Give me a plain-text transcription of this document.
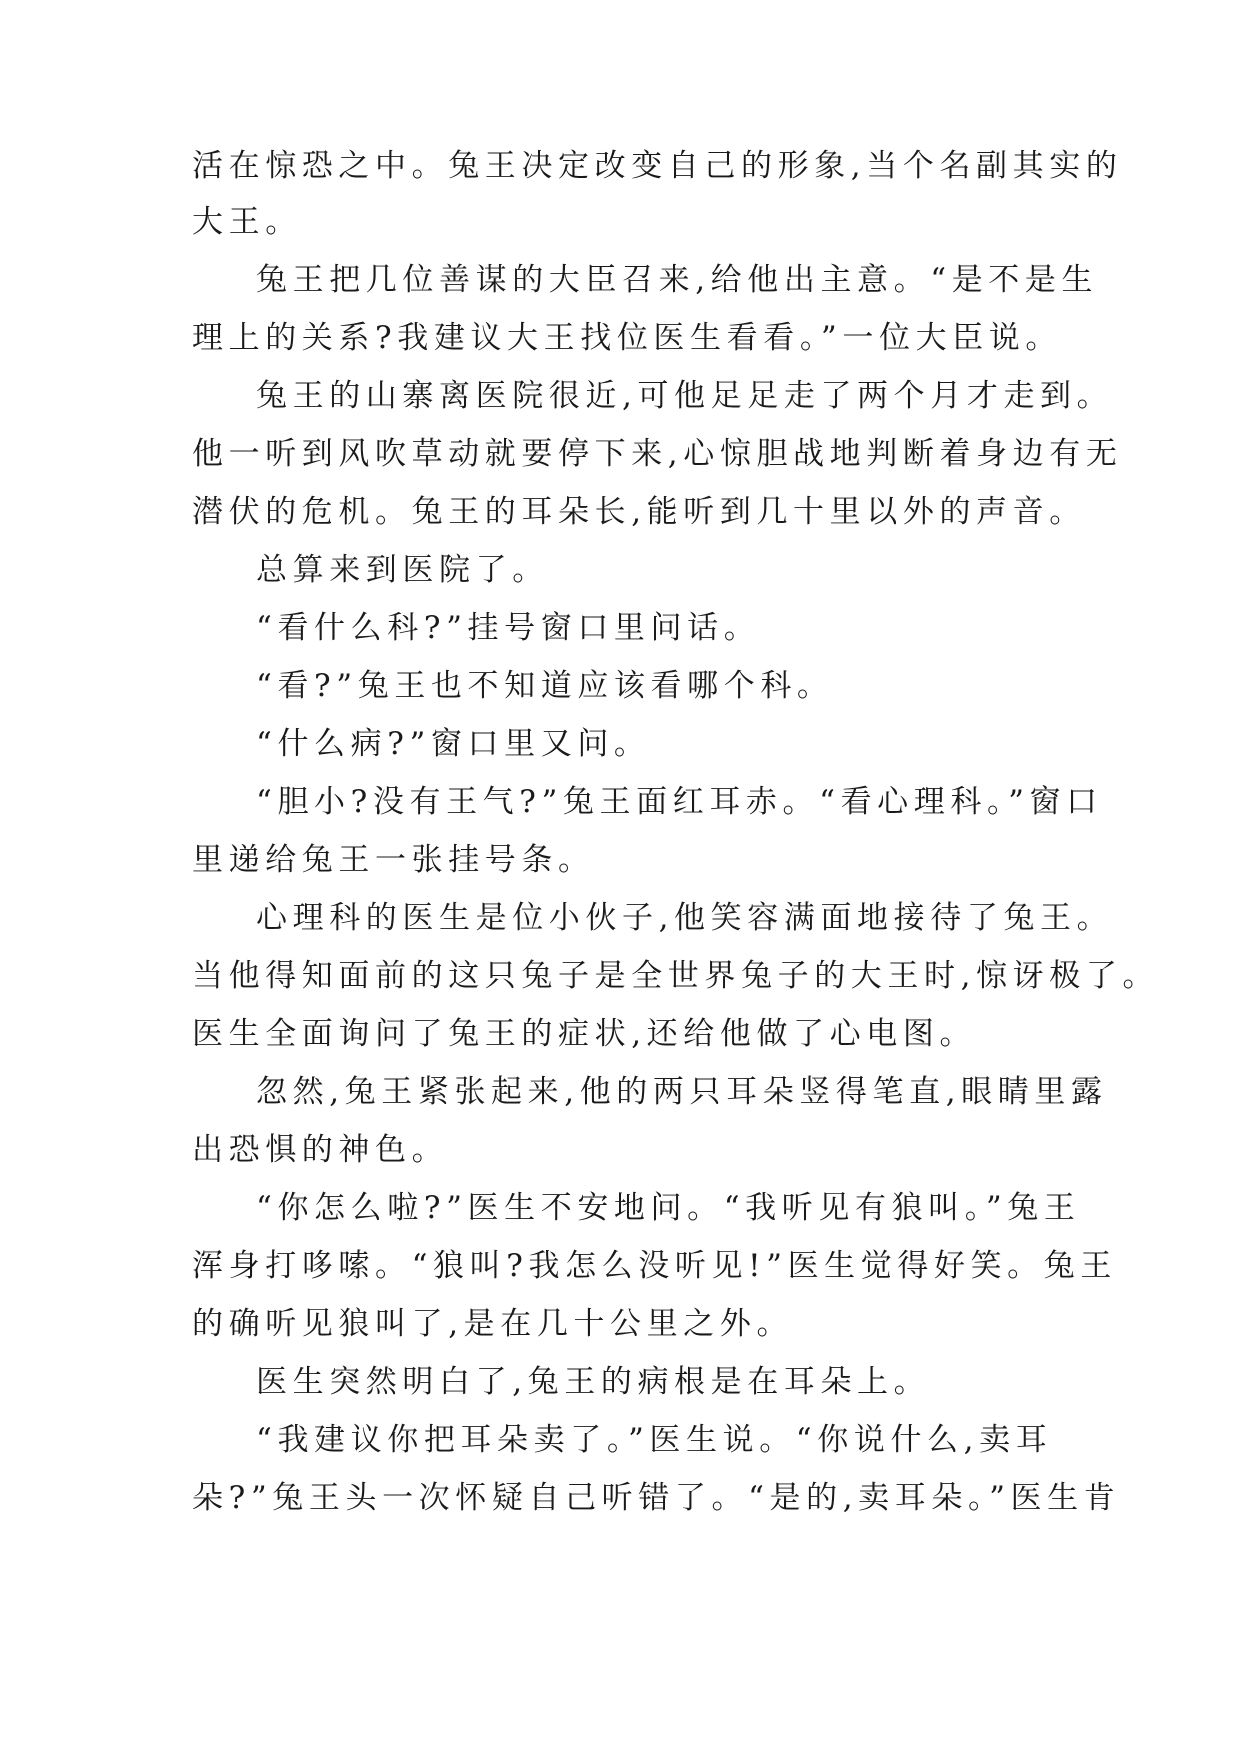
活在惊恐之中。兔王决定改变自己的形象,当个名副其实的
大王。
兔王把几位善谋的大臣召来,给他出主意。“是不是生
理上的关系?我建议大王找位医生看看。”一位大臣说。
兔王的山寨离医院很近,可他足足走了两个月才走到。
他一听到风吹草动就要停下来,心惊胆战地判断着身边有无
潜伏的危机。兔王的耳朵长,能听到几十里以外的声音。
总算来到医院了。
“看什么科?”挂号窗口里问话。
“看?”兔王也不知道应该看哪个科。
“什么病?”窗口里又问。
“胆小?没有王气?”兔王面红耳赤。“看心理科。”窗口
里递给兔王一张挂号条。
心理科的医生是位小伙子,他笑容满面地接待了兔王。
当他得知面前的这只兔子是全世界兔子的大王时,惊讶极了。
医生全面询问了兔王的症状,还给他做了心电图。
忽然,兔王紧张起来,他的两只耳朵竖得笔直,眼睛里露
出恐惧的神色。
“你怎么啦?”医生不安地问。“我听见有狼叫。”兔王
浑身打哆嗦。“狼叫?我怎么没听见!”医生觉得好笑。兔王
的确听见狼叫了,是在几十公里之外。
医生突然明白了,兔王的病根是在耳朵上。
“我建议你把耳朵卖了。”医生说。“你说什么,卖耳
朵?”兔王头一次怀疑自己听错了。“是的,卖耳朵。”医生肯
